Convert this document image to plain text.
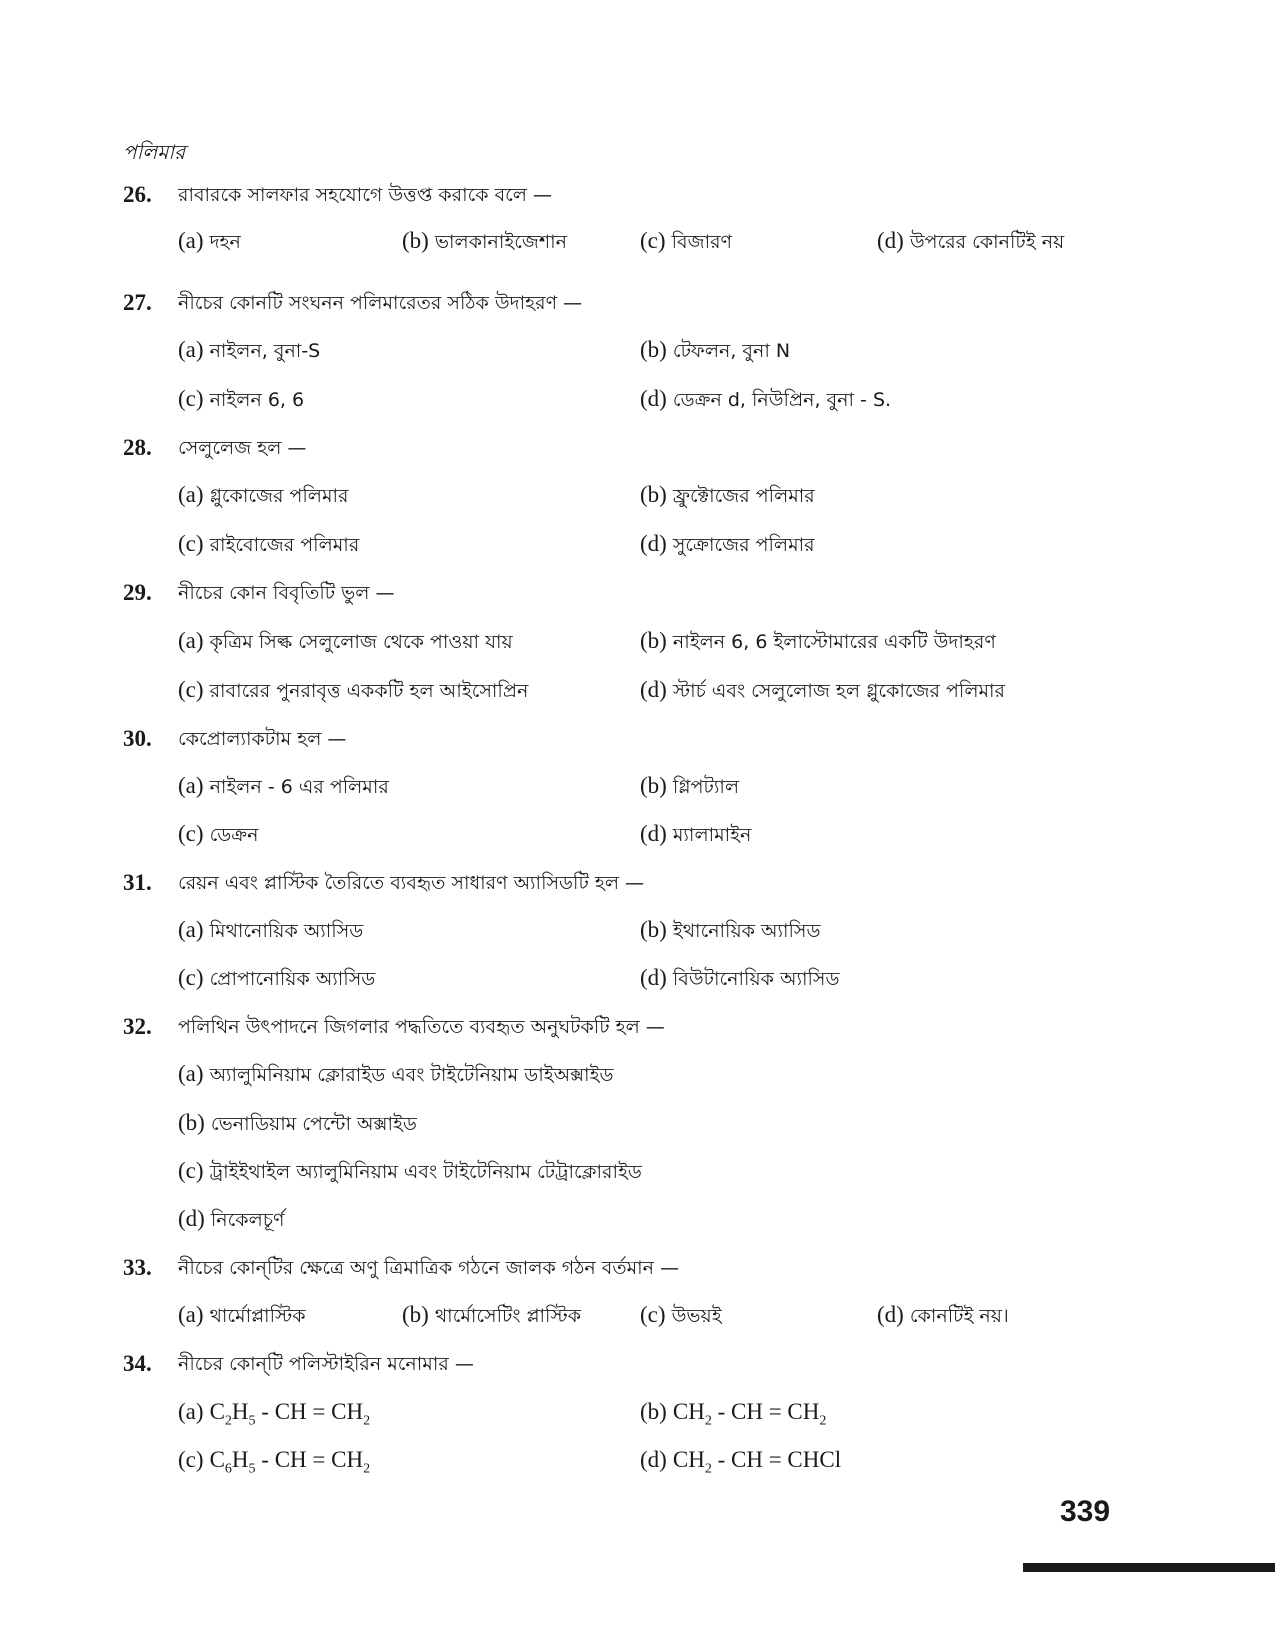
পলিমার
26. রাবারকে সালফার সহযোগে উত্তপ্ত করাকে বলে —
(a) দহন	(b) ভালকানাইজেশান	(c) বিজারণ	(d) উপরের কোনটিই নয়
27. নীচের কোনটি সংঘনন পলিমারেতর সঠিক উদাহরণ —
(a) নাইলন, বুনা-S	(b) টেফলন, বুনা N
(c) নাইলন 6, 6	(d) ডেক্রন d, নিউপ্রিন, বুনা - S.
28. সেলুলেজ হল —
(a) গ্লুকোজের পলিমার	(b) ফ্রুক্টোজের পলিমার
(c) রাইবোজের পলিমার	(d) সুক্রোজের পলিমার
29. নীচের কোন বিবৃতিটি ভুল —
(a) কৃত্রিম সিল্ক সেলুলোজ থেকে পাওয়া যায়	(b) নাইলন 6, 6 ইলাস্টোমারের একটি উদাহরণ
(c) রাবারের পুনরাবৃত্ত এককটি হল আইসোপ্রিন	(d) স্টার্চ এবং সেলুলোজ হল গ্লুকোজের পলিমার
30. কেপ্রোল্যাকটাম হল —
(a) নাইলন - 6 এর পলিমার	(b) গ্লিপট্যাল
(c) ডেক্রন	(d) ম্যালামাইন
31. রেয়ন এবং প্লাস্টিক তৈরিতে ব্যবহৃত সাধারণ অ্যাসিডটি হল —
(a) মিথানোয়িক অ্যাসিড	(b) ইথানোয়িক অ্যাসিড
(c) প্রোপানোয়িক অ্যাসিড	(d) বিউটানোয়িক অ্যাসিড
32. পলিথিন উৎপাদনে জিগলার পদ্ধতিতে ব্যবহৃত অনুঘটকটি হল —
(a) অ্যালুমিনিয়াম ক্লোরাইড এবং টাইটেনিয়াম ডাইঅক্সাইড
(b) ভেনাডিয়াম পেন্টো অক্সাইড
(c) ট্রাইইথাইল অ্যালুমিনিয়াম এবং টাইটেনিয়াম টেট্রাক্লোরাইড
(d) নিকেলচূর্ণ
33. নীচের কোন্‌টির ক্ষেত্রে অণু ত্রিমাত্রিক গঠনে জালক গঠন বর্তমান —
(a) থার্মোপ্লাস্টিক	(b) থার্মোসেটিং প্লাস্টিক	(c) উভয়ই	(d) কোনটিই নয়।
34. নীচের কোন্‌টি পলিস্টাইরিন মনোমার —
(a) $C_2H_5$ - CH = $CH_2$	(b) $CH_2$ - CH = $CH_2$
(c) $C_6H_5$ - CH = $CH_2$	(d) $CH_2$ - CH = CHCl
339
